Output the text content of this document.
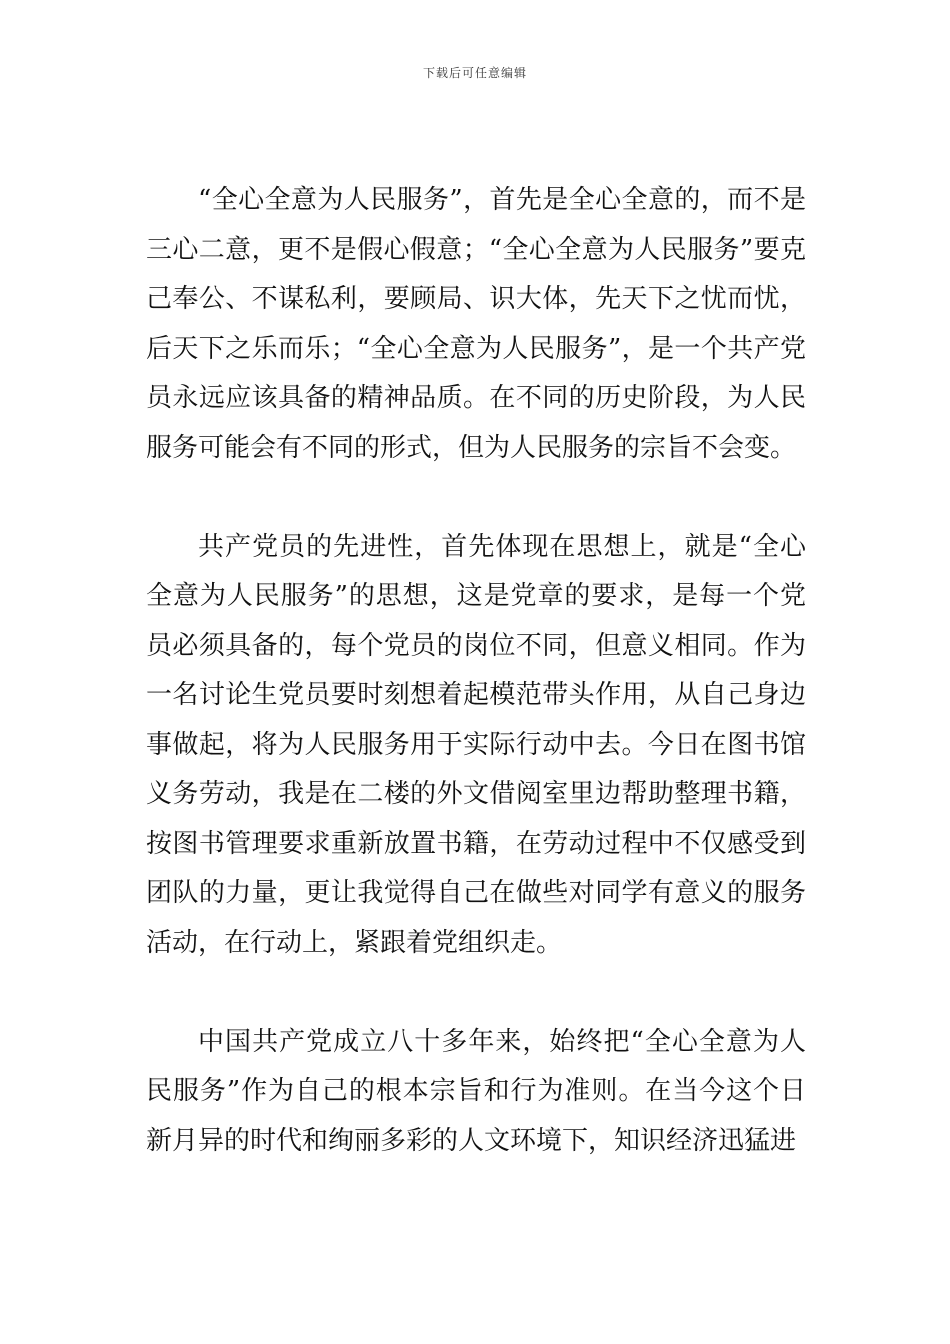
下载后可任意编辑

“全心全意为人民服务”，首先是全心全意的，而不是三心二意，更不是假心假意；“全心全意为人民服务”要克己奉公、不谋私利，要顾局、识大体，先天下之忧而忧，后天下之乐而乐；“全心全意为人民服务”，是一个共产党员永远应该具备的精神品质。在不同的历史阶段，为人民服务可能会有不同的形式，但为人民服务的宗旨不会变。

共产党员的先进性，首先体现在思想上，就是“全心全意为人民服务”的思想，这是党章的要求，是每一个党员必须具备的，每个党员的岗位不同，但意义相同。作为一名讨论生党员要时刻想着起模范带头作用，从自己身边事做起，将为人民服务用于实际行动中去。今日在图书馆义务劳动，我是在二楼的外文借阅室里边帮助整理书籍，按图书管理要求重新放置书籍，在劳动过程中不仅感受到团队的力量，更让我觉得自己在做些对同学有意义的服务活动，在行动上，紧跟着党组织走。

中国共产党成立八十多年来，始终把“全心全意为人民服务”作为自己的根本宗旨和行为准则。在当今这个日新月异的时代和绚丽多彩的人文环境下，知识经济迅猛进
